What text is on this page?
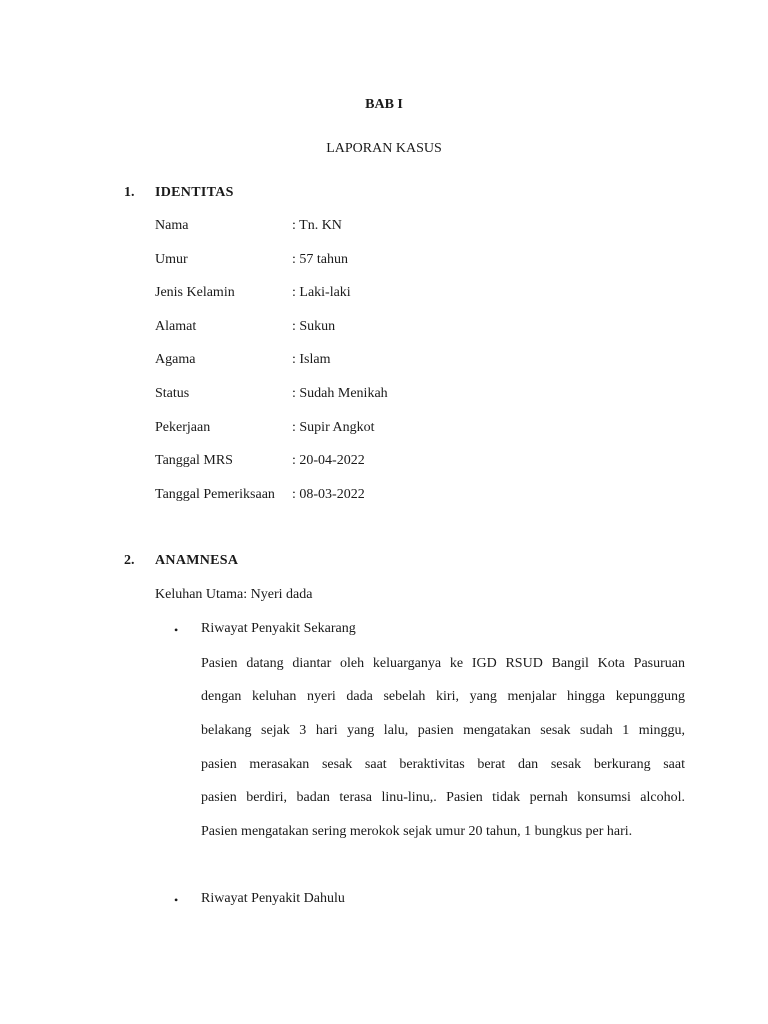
BAB I
LAPORAN KASUS
1. IDENTITAS
Nama	: Tn. KN
Umur	: 57 tahun
Jenis Kelamin	: Laki-laki
Alamat	: Sukun
Agama	: Islam
Status	: Sudah Menikah
Pekerjaan	: Supir Angkot
Tanggal MRS	: 20-04-2022
Tanggal Pemeriksaan : 08-03-2022
2. ANAMNESA
Keluhan Utama: Nyeri dada
• Riwayat Penyakit Sekarang
Pasien datang diantar oleh keluarganya ke IGD RSUD Bangil Kota Pasuruan
dengan keluhan nyeri dada sebelah kiri, yang menjalar hingga kepunggung
belakang sejak 3 hari yang lalu, pasien mengatakan sesak sudah 1 minggu,
pasien merasakan sesak saat beraktivitas berat dan sesak berkurang saat
pasien berdiri, badan terasa linu-linu,. Pasien tidak pernah konsumsi alcohol.
Pasien mengatakan sering merokok sejak umur 20 tahun, 1 bungkus per hari.
• Riwayat Penyakit Dahulu
